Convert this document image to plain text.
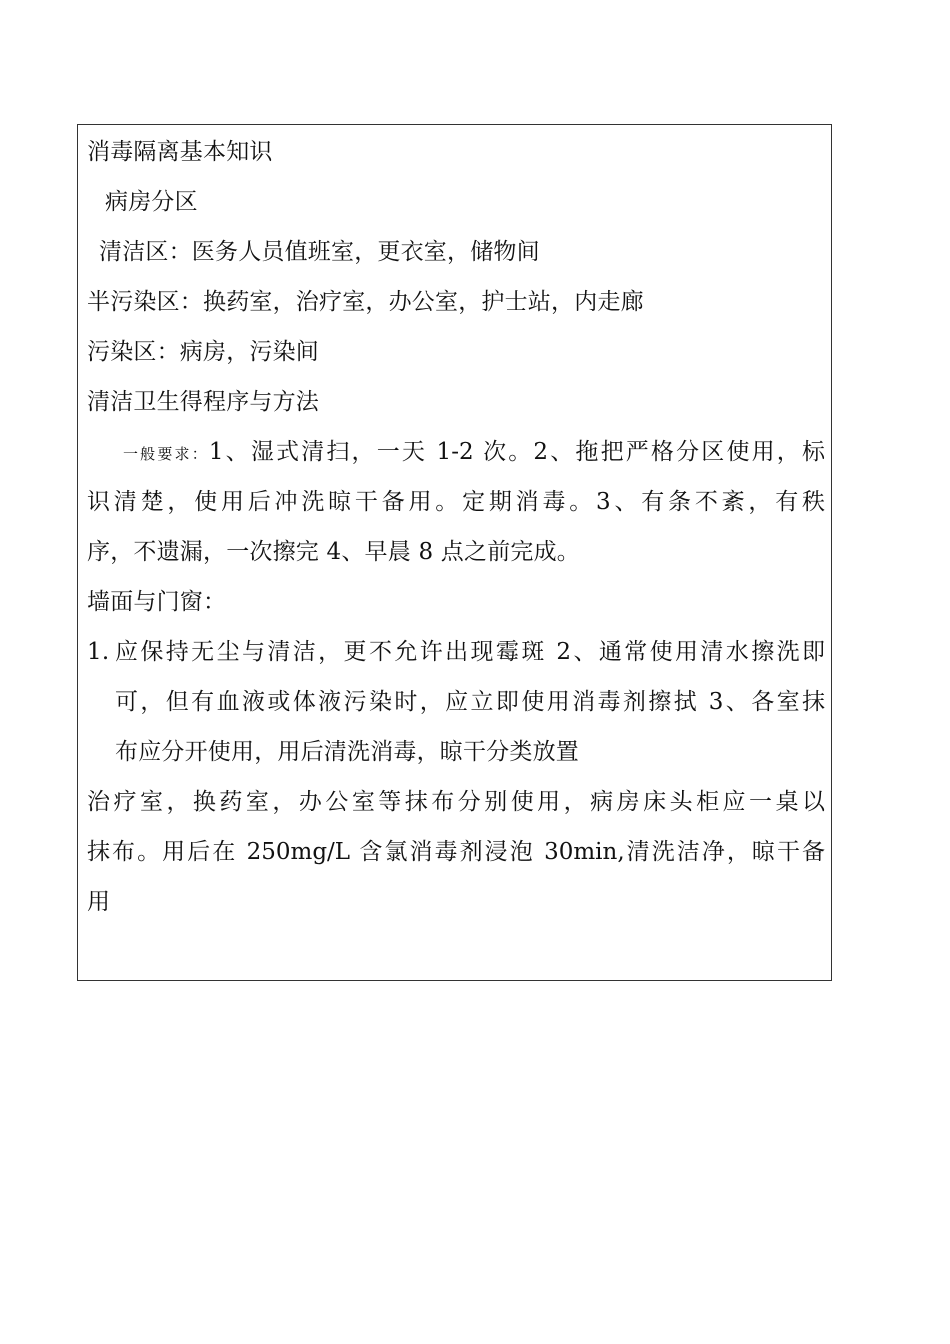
消毒隔离基本知识
病房分区
清洁区：医务人员值班室，更衣室，储物间
半污染区：换药室，治疗室，办公室，护士站，内走廊
污染区：病房，污染间
清洁卫生得程序与方法
一般要求：1、湿式清扫，一天 1-2 次。2、拖把严格分区使用，标
识清楚，使用后冲洗晾干备用。定期消毒。3、有条不紊，有秩
序，不遗漏，一次擦完 4、早晨 8 点之前完成。
墙面与门窗：
1. 应保持无尘与清洁，更不允许出现霉斑 2、通常使用清水擦洗即
可，但有血液或体液污染时，应立即使用消毒剂擦拭 3、各室抹
布应分开使用，用后清洗消毒，晾干分类放置
治疗室，换药室，办公室等抹布分别使用，病房床头柜应一桌以
抹布。用后在 250mg/L 含氯消毒剂浸泡 30min,清洗洁净，晾干备
用
